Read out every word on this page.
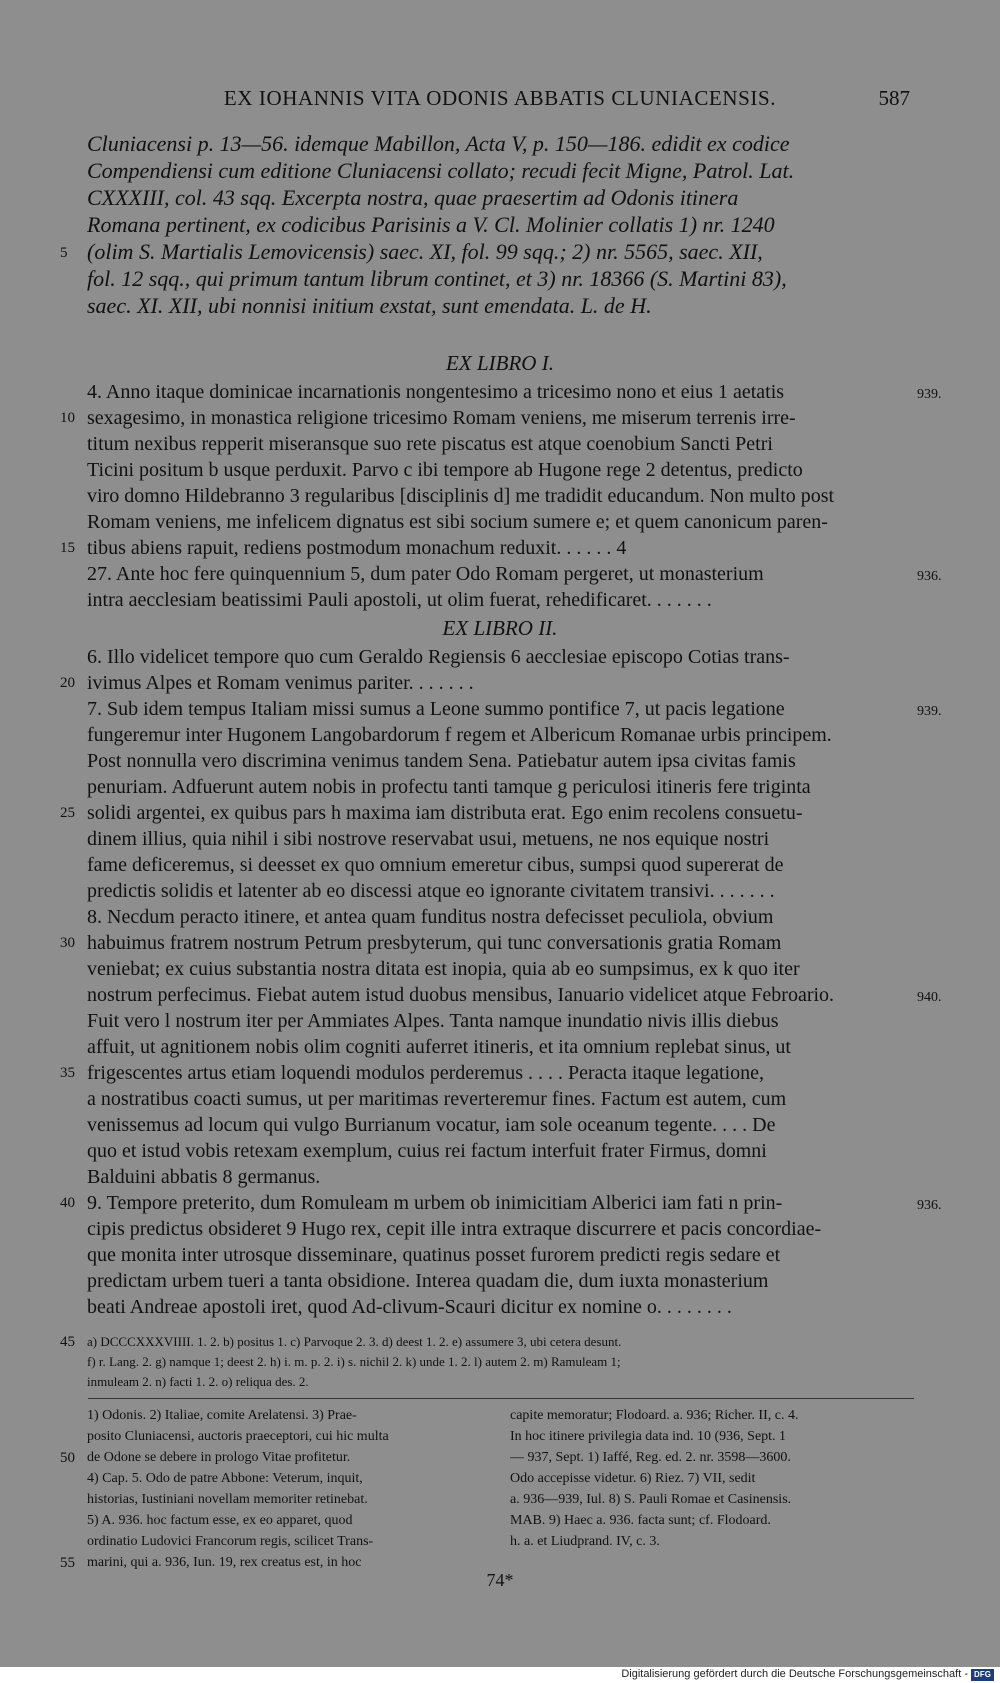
EX IOHANNIS VITA ODONIS ABBATIS CLUNIACENSIS.	587
Cluniacensi p. 13—56. idemque Mabillon, Acta V, p. 150—186. edidit ex codice
Compendiensi cum editione Cluniacensi collato; recudi fecit Migne, Patrol. Lat.
CXXXIII, col. 43 sqq. Excerpta nostra, quae praesertim ad Odonis itinera
Romana pertinent, ex codicibus Parisinis a V. Cl. Molinier collatis 1) nr. 1240
(olim S. Martialis Lemovicensis) saec. XI, fol. 99 sqq.; 2) nr. 5565, saec. XII,
fol. 12 sqq., qui primum tantum librum continet, et 3) nr. 18366 (S. Martini 83),
saec. XI. XII, ubi nonnisi initium exstat, sunt emendata. L. de H.
EX LIBRO I.
4. Anno itaque dominicae incarnationis nongentesimo a tricesimo nono et eius 1 aetatis
sexagesimo, in monastica religione tricesimo Romam veniens, me miserum terrenis irre-
titum nexibus repperit miseransque suo rete piscatus est atque coenobium Sancti Petri
Ticini positum b usque perduxit. Parvo c ibi tempore ab Hugone rege 2 detentus, predicto
viro domno Hildebranno 3 regularibus [disciplinis d] me tradidit educandum. Non multo post
Romam veniens, me infelicem dignatus est sibi socium sumere e; et quem canonicum paren-
tibus abiens rapuit, rediens postmodum monachum reduxit. . . . . . 4
27. Ante hoc fere quinquennium 5, dum pater Odo Romam pergeret, ut monasterium
intra aecclesiam beatissimi Pauli apostoli, ut olim fuerat, rehedificaret. . . . . . .
EX LIBRO II.
6. Illo videlicet tempore quo cum Geraldo Regiensis 6 aecclesiae episcopo Cotias trans-
ivimus Alpes et Romam venimus pariter. . . . . . .
7. Sub idem tempus Italiam missi sumus a Leone summo pontifice 7, ut pacis legatione
fungeremur inter Hugonem Langobardorum f regem et Albericum Romanae urbis principem.
Post nonnulla vero discrimina venimus tandem Sena. Patiebatur autem ipsa civitas famis
penuriam. Adfuerunt autem nobis in profectu tanti tamque g periculosi itineris fere triginta
solidi argentei, ex quibus pars h maxima iam distributa erat. Ego enim recolens consuetu-
dinem illius, quia nihil i sibi nostrove reservabat usui, metuens, ne nos equique nostri
fame deficeremus, si deesset ex quo omnium emeretur cibus, sumpsi quod supererat de
predictis solidis et latenter ab eo discessi atque eo ignorante civitatem transivi. . . . . . .
8. Necdum peracto itinere, et antea quam funditus nostra defecisset peculiola, obvium
habuimus fratrem nostrum Petrum presbyterum, qui tunc conversationis gratia Romam
veniebat; ex cuius substantia nostra ditata est inopia, quia ab eo sumpsimus, ex k quo iter
nostrum perfecimus. Fiebat autem istud duobus mensibus, Ianuario videlicet atque Febroario.
Fuit vero l nostrum iter per Ammiates Alpes. Tanta namque inundatio nivis illis diebus
affuit, ut agnitionem nobis olim cogniti auferret itineris, et ita omnium replebat sinus, ut
frigescentes artus etiam loquendi modulos perderemus . . . . Peracta itaque legatione,
a nostratibus coacti sumus, ut per maritimas reverteremur fines. Factum est autem, cum
venissemus ad locum qui vulgo Burrianum vocatur, iam sole oceanum tegente. . . . De
quo et istud vobis retexam exemplum, cuius rei factum interfuit frater Firmus, domni
Balduini abbatis 8 germanus.
9. Tempore preterito, dum Romuleam m urbem ob inimicitiam Alberici iam fati n prin-
cipis predictus obsideret 9 Hugo rex, cepit ille intra extraque discurrere et pacis concordiae-
que monita inter utrosque disseminare, quatinus posset furorem predicti regis sedare et
predictam urbem tueri a tanta obsidione. Interea quadam die, dum iuxta monasterium
beati Andreae apostoli iret, quod Ad-clivum-Scauri dicitur ex nomine o. . . . . . . .
5
10
15
20
25
30
35
40
45
50
55
939.
936.
939.
940.
936.
a) DCCCXXXVIIII. 1. 2. b) positus 1. c) Parvoque 2. 3. d) deest 1. 2. e) assumere 3, ubi cetera desunt.
f) r. Lang. 2. g) namque 1; deest 2. h) i. m. p. 2. i) s. nichil 2. k) unde 1. 2. l) autem 2. m) Ramuleam 1;
inmuleam 2. n) facti 1. 2. o) reliqua des. 2.
1) Odonis. 2) Italiae, comite Arelatensi. 3) Prae-
posito Cluniacensi, auctoris praeceptori, cui hic multa
de Odone se debere in prologo Vitae profitetur.
4) Cap. 5. Odo de patre Abbone: Veterum, inquit,
historias, Iustiniani novellam memoriter retinebat.
5) A. 936. hoc factum esse, ex eo apparet, quod
ordinatio Ludovici Francorum regis, scilicet Trans-
marini, qui a. 936, Iun. 19, rex creatus est, in hoc
capite memoratur; Flodoard. a. 936; Richer. II, c. 4.
In hoc itinere privilegia data ind. 10 (936, Sept. 1
— 937, Sept. 1) Iaffé, Reg. ed. 2. nr. 3598—3600.
Odo accepisse videtur. 6) Riez. 7) VII, sedit
a. 936—939, Iul. 8) S. Pauli Romae et Casinensis.
MAB. 9) Haec a. 936. facta sunt; cf. Flodoard.
h. a. et Liudprand. IV, c. 3.
74*
Digitalisierung gefördert durch die Deutsche Forschungsgemeinschaft - DFG
